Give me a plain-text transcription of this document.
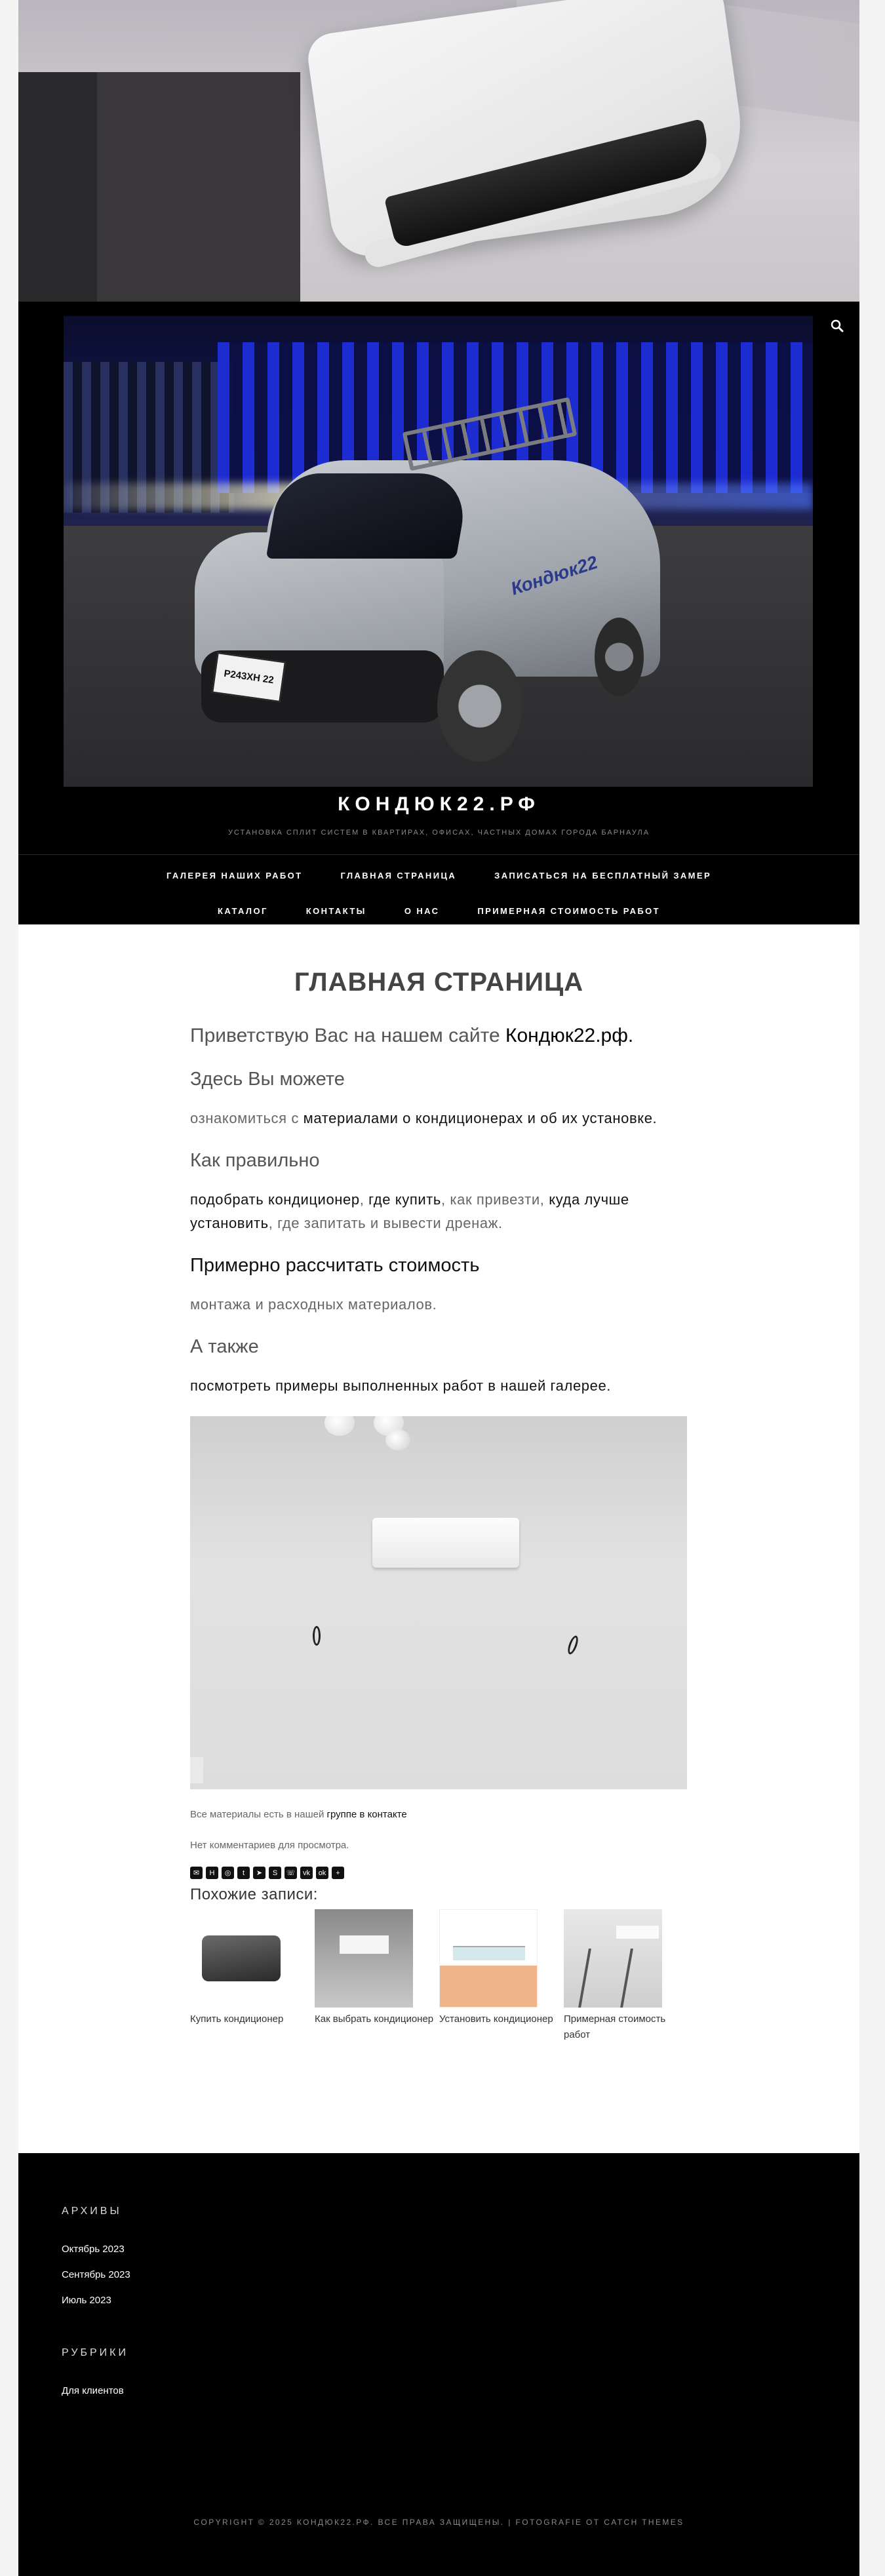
Р243ХН 22
Кондюк22
КОНДЮК22.РФ
УСТАНОВКА СПЛИТ СИСТЕМ В КВАРТИРАХ, ОФИСАХ, ЧАСТНЫХ ДОМАХ ГОРОДА БАРНАУЛА
ГАЛЕРЕЯ НАШИХ РАБОТ	ГЛАВНАЯ СТРАНИЦА	ЗАПИСАТЬСЯ НА БЕСПЛАТНЫЙ ЗАМЕР
КАТАЛОГ	КОНТАКТЫ	О НАС	ПРИМЕРНАЯ СТОИМОСТЬ РАБОТ
ГЛАВНАЯ СТРАНИЦА
Приветствую Вас на нашем сайте Кондюк22.рф.
Здесь Вы можете
ознакомиться с материалами о кондиционерах и об их установке.
Как правильно
подобрать кондиционер, где купить, как привезти, куда лучше установить, где запитать и вывести дренаж.
Примерно рассчитать стоимость
монтажа и расходных материалов.
А также
посмотреть примеры выполненных работ в нашей галерее.
Все материалы есть в нашей группе в контакте
Нет комментариев для просмотра.
✉	H	◎	t	➤	S	☏	vk	ok	+
Похожие записи:
Купить кондиционер	Как выбрать кондиционер Установить кондиционер	Примерная стоимость работ
АРХИВЫ
Октябрь 2023
Сентябрь 2023
Июль 2023
РУБРИКИ
Для клиентов
COPYRIGHT © 2025 КОНДЮК22.РФ. ВСЕ ПРАВА ЗАЩИЩЕНЫ. | FOTOGRAFIE ОТ CATCH THEMES
